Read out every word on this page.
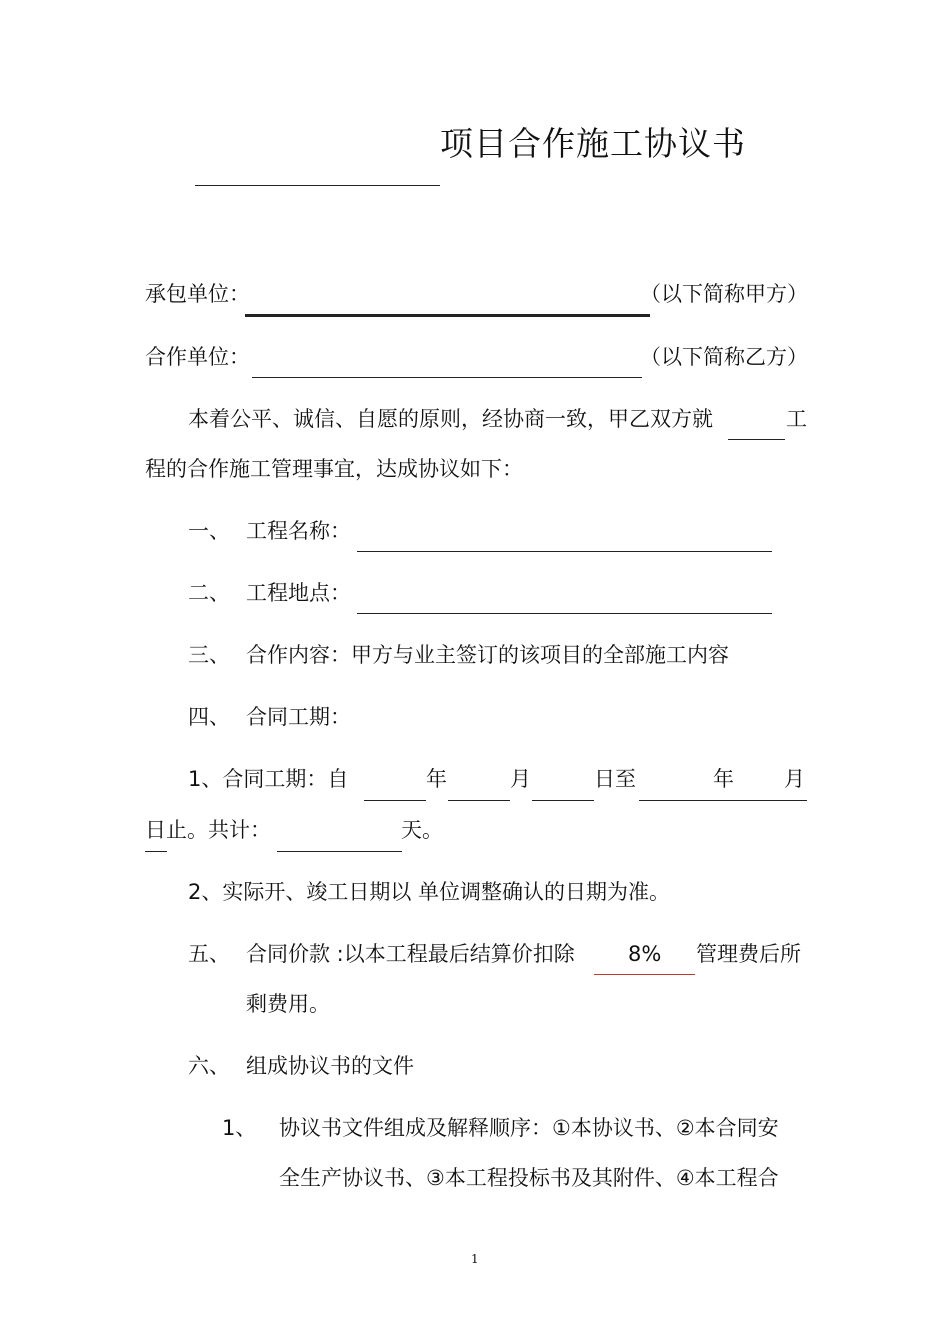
项目合作施工协议书
承包单位：	（以下简称甲方）
合作单位：	（以下简称乙方）
本着公平、诚信、自愿的原则，经协商一致，甲乙双方就	工
程的合作施工管理事宜，达成协议如下：
一、 工程名称：
二、 工程地点：
三、 合作内容：甲方与业主签订的该项目的全部施工内容
四、 合同工期：
1、合同工期：自	年	月	日至	年 月
日止。共计：	天。
2、实际开、竣工日期以 单位调整确认的日期为准。
五、 合同价款 :以本工程最后结算价扣除	8% 管理费后所
剩费用。
六、 组成协议书的文件
1、 协议书文件组成及解释顺序：①本协议书、②本合同安
全生产协议书、③本工程投标书及其附件、④本工程合
1
